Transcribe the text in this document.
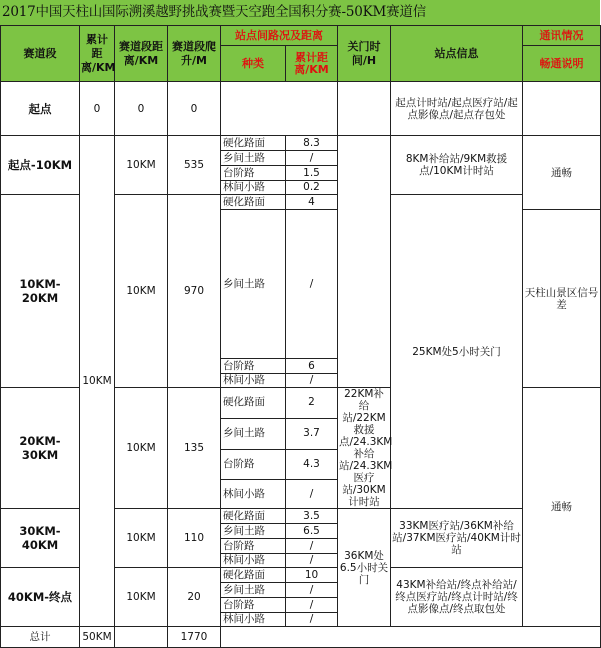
2017中国天柱山国际溯溪越野挑战赛暨天空跑全国积分赛-50KM赛道信
赛道段	累计距离/KM	赛道段距离/KM	赛道段爬升/M	站点间路况及距离		关门时间/H	站点信息	通讯情况	
				种类	累计距离/KM			畅通说明	
起点	0	0	0				起点计时站/起点医疗站/起点影像点/起点存包处		
起点-10KM	10KM	10KM	535	硬化路面	8.3		8KM补给站/9KM救援点/10KM计时站	通畅	
				乡间土路	/				
				台阶路	1.5				
				林间小路	0.2				
10KM-20KM		10KM	970	硬化路面	4		25KM处5小时关门	
				乡间土路	/			天柱山景区信号差	
				台阶路	6				
				林间小路	/				
20KM-30KM		10KM	135	硬化路面	2	22KM补给站/22KM救援点/24.3KM补给站/24.3KM医疗站/30KM计时站		通畅	
				乡间土路	3.7				
				台阶路	4.3				
				林间小路	/				
30KM-40KM		10KM	110	硬化路面	3.5	36KM处6.5小时关门	33KM医疗站/36KM补给站/37KM医疗站/40KM计时站		
				乡间土路	6.5				
				台阶路	/				
				林间小路	/				
40KM-终点		10KM	20	硬化路面	10		43KM补给站/终点补给站/终点医疗站/终点计时站/终点影像点/终点取包处		
				乡间土路	/				
				台阶路	/				
				林间小路	/				
总计	50KM		1770						
